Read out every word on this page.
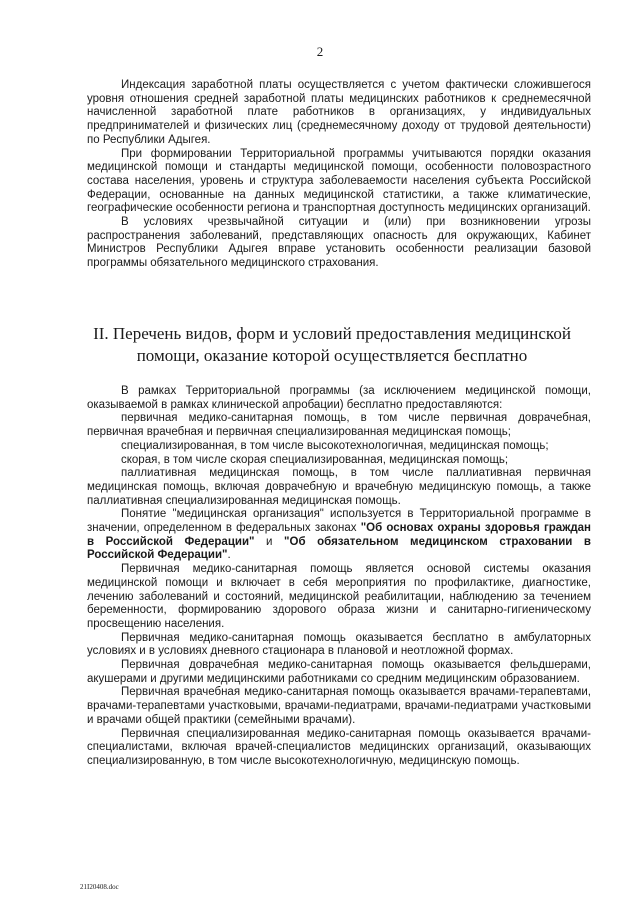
2

Индексация заработной платы осуществляется с учетом фактически сложившегося уровня отношения средней заработной платы медицинских работников к среднемесячной начисленной заработной плате работников в организациях, у индивидуальных предпринимателей и физических лиц (среднемесячному доходу от трудовой деятельности) по Республики Адыгея.

При формировании Территориальной программы учитываются порядки оказания медицинской помощи и стандарты медицинской помощи, особенности половозрастного состава населения, уровень и структура заболеваемости населения субъекта Российской Федерации, основанные на данных медицинской статистики, а также климатические, географические особенности региона и транспортная доступность медицинских организаций.

В условиях чрезвычайной ситуации и (или) при возникновении угрозы распространения заболеваний, представляющих опасность для окружающих, Кабинет Министров Республики Адыгея вправе установить особенности реализации базовой программы обязательного медицинского страхования.

II. Перечень видов, форм и условий предоставления медицинской
помощи, оказание которой осуществляется бесплатно

В рамках Территориальной программы (за исключением медицинской помощи, оказываемой в рамках клинической апробации) бесплатно предоставляются:

первичная медико-санитарная помощь, в том числе первичная доврачебная, первичная врачебная и первичная специализированная медицинская помощь;

специализированная, в том числе высокотехнологичная, медицинская помощь;

скорая, в том числе скорая специализированная, медицинская помощь;

паллиативная медицинская помощь, в том числе паллиативная первичная медицинская помощь, включая доврачебную и врачебную медицинскую помощь, а также паллиативная специализированная медицинская помощь.

Понятие "медицинская организация" используется в Территориальной программе в значении, определенном в федеральных законах "Об основах охраны здоровья граждан в Российской Федерации" и "Об обязательном медицинском страховании в Российской Федерации".

Первичная медико-санитарная помощь является основой системы оказания медицинской помощи и включает в себя мероприятия по профилактике, диагностике, лечению заболеваний и состояний, медицинской реабилитации, наблюдению за течением беременности, формированию здорового образа жизни и санитарно-гигиеническому просвещению населения.

Первичная медико-санитарная помощь оказывается бесплатно в амбулаторных условиях и в условиях дневного стационара в плановой и неотложной формах.

Первичная доврачебная медико-санитарная помощь оказывается фельдшерами, акушерами и другими медицинскими работниками со средним медицинским образованием.

Первичная врачебная медико-санитарная помощь оказывается врачами-терапевтами, врачами-терапевтами участковыми, врачами-педиатрами, врачами-педиатрами участковыми и врачами общей практики (семейными врачами).

Первичная специализированная медико-санитарная помощь оказывается врачами-специалистами, включая врачей-специалистов медицинских организаций, оказывающих специализированную, в том числе высокотехнологичную, медицинскую помощь.

21I20408.doc
